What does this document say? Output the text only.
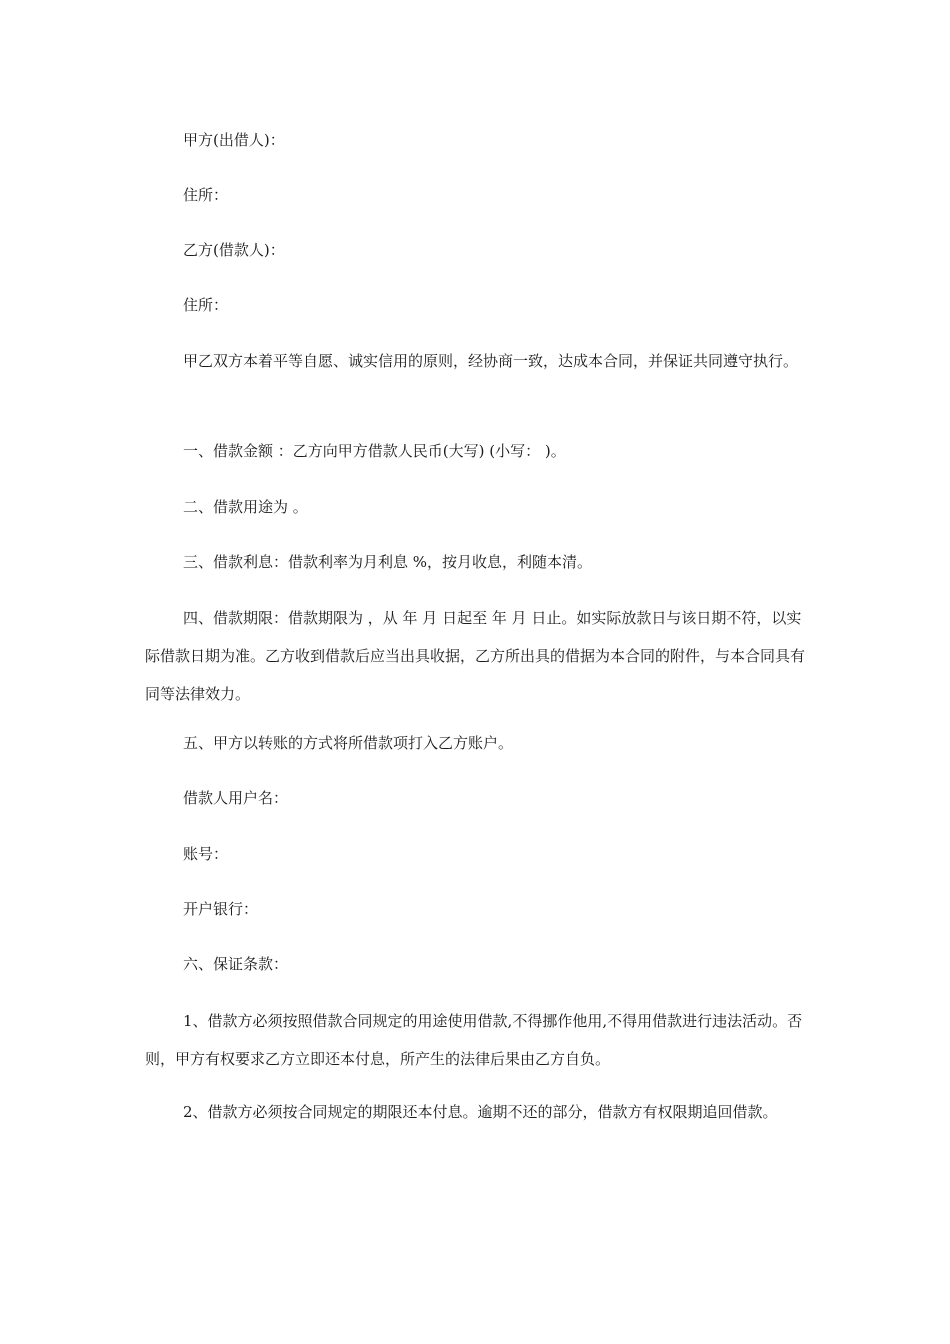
甲方(出借人)：

住所：

乙方(借款人)：

住所：

甲乙双方本着平等自愿、诚实信用的原则，经协商一致，达成本合同，并保证共同遵守执行。

一、借款金额 ：乙方向甲方借款人民币(大写) (小写： )。

二、借款用途为 。

三、借款利息：借款利率为月利息 %，按月收息，利随本清。

四、借款期限：借款期限为 ，从 年 月 日起至 年 月 日止。如实际放款日与该日期不符，以实际借款日期为准。乙方收到借款后应当出具收据，乙方所出具的借据为本合同的附件，与本合同具有同等法律效力。

五、甲方以转账的方式将所借款项打入乙方账户。

借款人用户名：

账号：

开户银行：

六、保证条款：

1、借款方必须按照借款合同规定的用途使用借款,不得挪作他用,不得用借款进行违法活动。否则，甲方有权要求乙方立即还本付息，所产生的法律后果由乙方自负。

2、借款方必须按合同规定的期限还本付息。逾期不还的部分，借款方有权限期追回借款。
